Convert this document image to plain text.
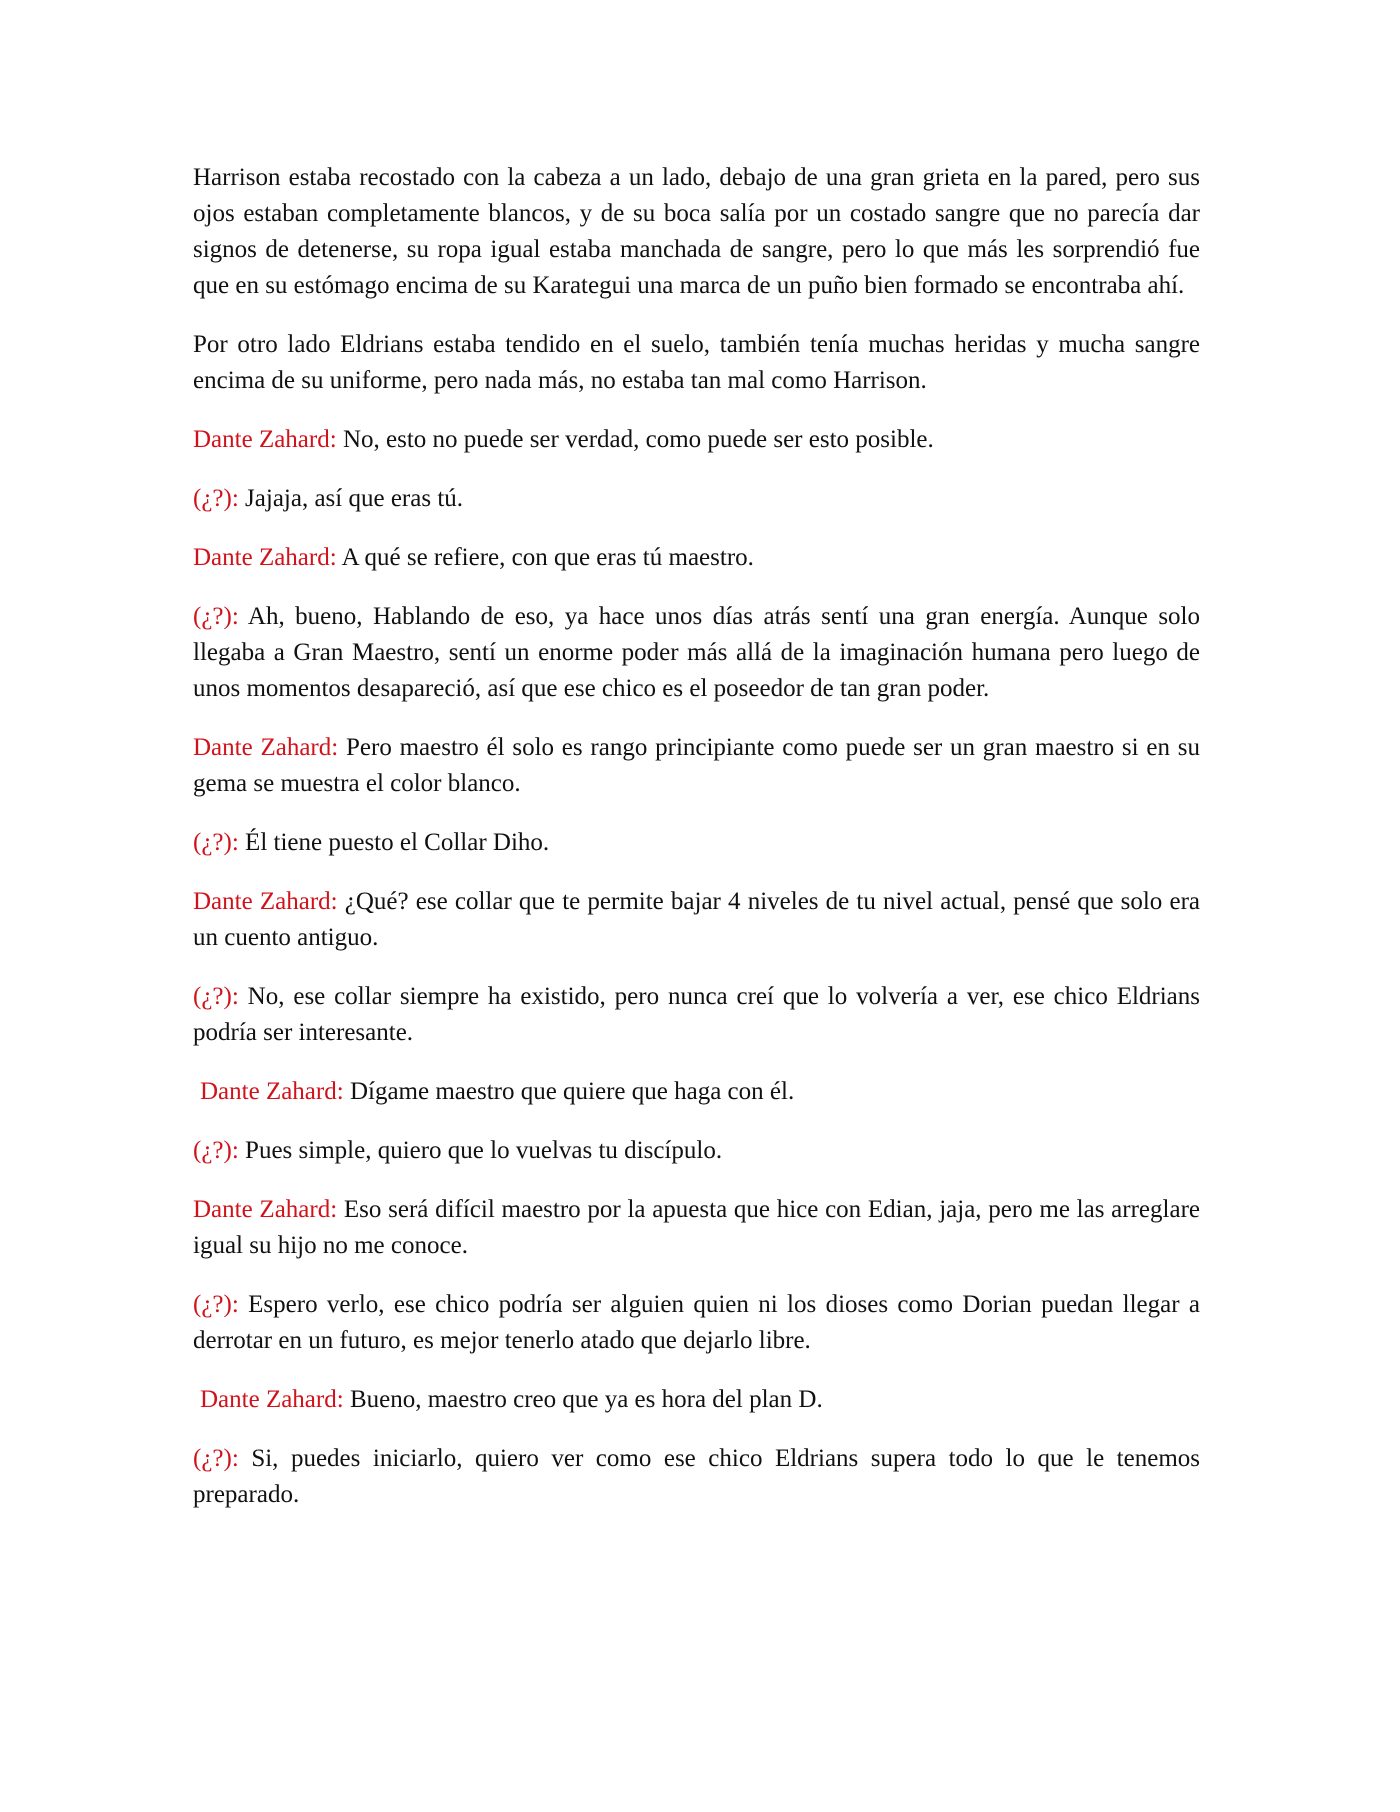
Harrison estaba recostado con la cabeza a un lado, debajo de una gran grieta en la pared, pero sus ojos estaban completamente blancos, y de su boca salía por un costado sangre que no parecía dar signos de detenerse, su ropa igual estaba manchada de sangre, pero lo que más les sorprendió fue que en su estómago encima de su Karategui una marca de un puño bien formado se encontraba ahí.

Por otro lado Eldrians estaba tendido en el suelo, también tenía muchas heridas y mucha sangre encima de su uniforme, pero nada más, no estaba tan mal como Harrison.

Dante Zahard: No, esto no puede ser verdad, como puede ser esto posible.

(¿?): Jajaja, así que eras tú.

Dante Zahard: A qué se refiere, con que eras tú maestro.

(¿?): Ah, bueno, Hablando de eso, ya hace unos días atrás sentí una gran energía. Aunque solo llegaba a Gran Maestro, sentí un enorme poder más allá de la imaginación humana pero luego de unos momentos desapareció, así que ese chico es el poseedor de tan gran poder.

Dante Zahard: Pero maestro él solo es rango principiante como puede ser un gran maestro si en su gema se muestra el color blanco.

(¿?): Él tiene puesto el Collar Diho.

Dante Zahard: ¿Qué? ese collar que te permite bajar 4 niveles de tu nivel actual, pensé que solo era un cuento antiguo.

(¿?): No, ese collar siempre ha existido, pero nunca creí que lo volvería a ver, ese chico Eldrians podría ser interesante.

Dante Zahard: Dígame maestro que quiere que haga con él.

(¿?): Pues simple, quiero que lo vuelvas tu discípulo.

Dante Zahard: Eso será difícil maestro por la apuesta que hice con Edian, jaja, pero me las arreglare igual su hijo no me conoce.

(¿?): Espero verlo, ese chico podría ser alguien quien ni los dioses como Dorian puedan llegar a derrotar en un futuro, es mejor tenerlo atado que dejarlo libre.

Dante Zahard: Bueno, maestro creo que ya es hora del plan D.

(¿?): Si, puedes iniciarlo, quiero ver como ese chico Eldrians supera todo lo que le tenemos preparado.
